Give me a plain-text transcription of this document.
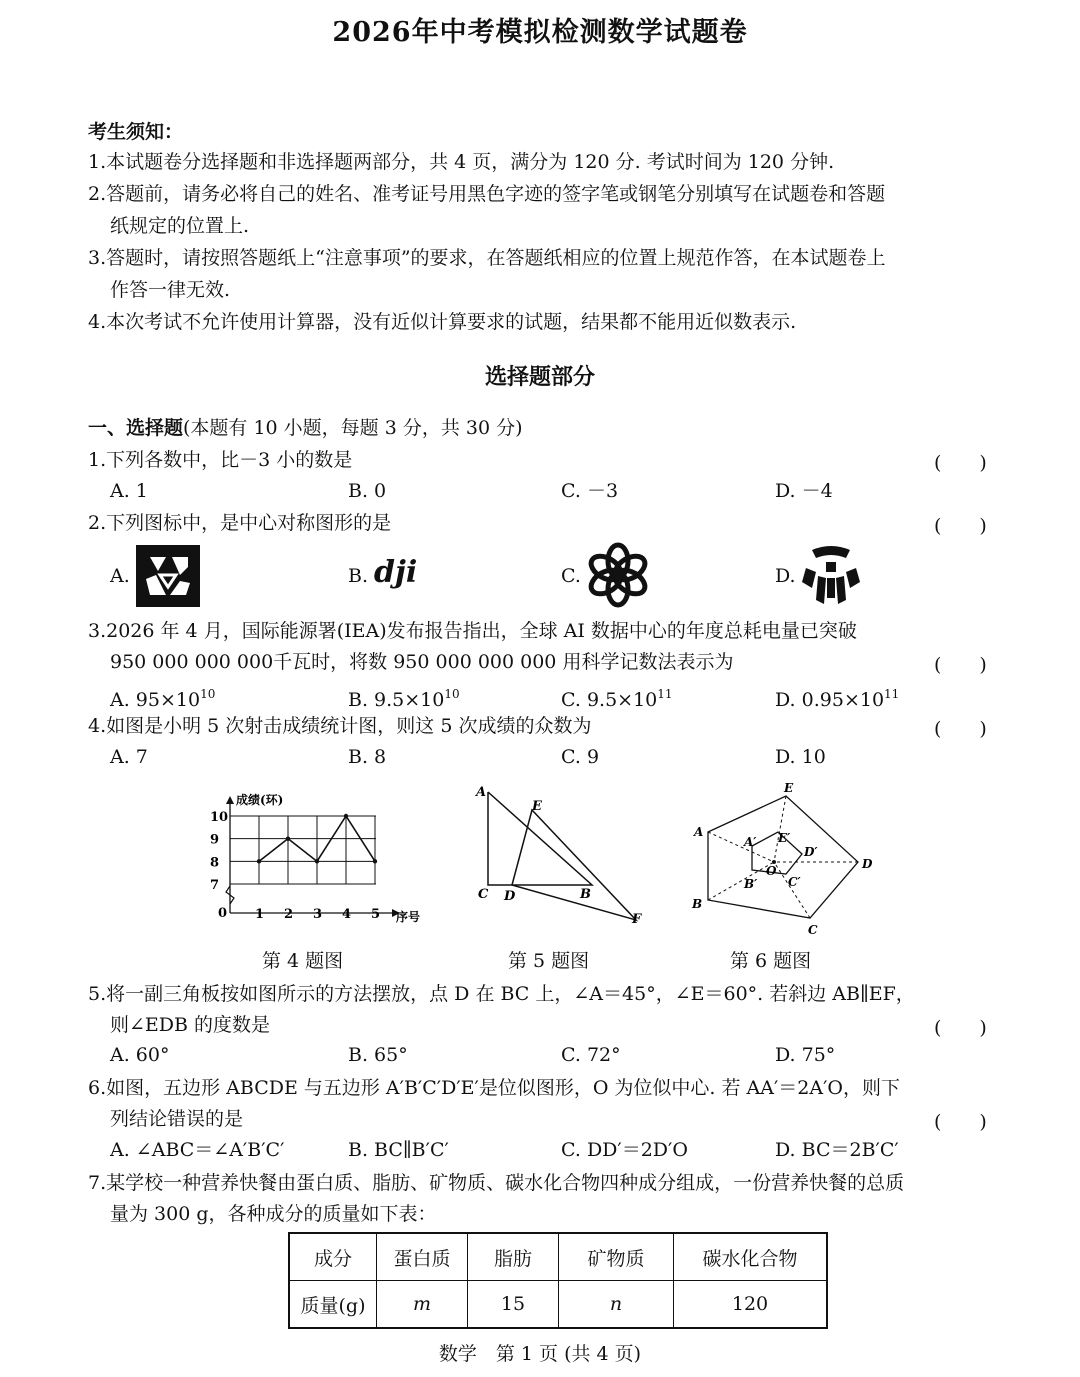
2026年中考模拟检测数学试题卷
考生须知：
1.本试题卷分选择题和非选择题两部分，共 4 页，满分为 120 分. 考试时间为 120 分钟.
2.答题前，请务必将自己的姓名、准考证号用黑色字迹的签字笔或钢笔分别填写在试题卷和答题
纸规定的位置上.
3.答题时，请按照答题纸上“注意事项”的要求，在答题纸相应的位置上规范作答，在本试题卷上
作答一律无效.
4.本次考试不允许使用计算器，没有近似计算要求的试题，结果都不能用近似数表示.
选择题部分
一、选择题(本题有 10 小题，每题 3 分，共 30 分)
1.下列各数中，比－3 小的数是	(　　)
A. 1	B. 0	C. －3	D. －4
2.下列图标中，是中心对称图形的是	(　　)
A.	B.	C.	D.
dji
3.2026 年 4 月，国际能源署(IEA)发布报告指出，全球 AI 数据中心的年度总耗电量已突破
950 000 000 000千瓦时，将数 950 000 000 000 用科学记数法表示为	(　　)
A. $95\times 10^{10}$	B. $9.5\times 10^{10}$	C. $9.5\times 10^{11}$	D. $0.95\times 10^{11}$
4.如图是小明 5 次射击成绩统计图，则这 5 次成绩的众数为	(　　)
A. 7	B. 8	C. 9	D. 10
10
9
8
7
1 2 3 4 5
成绩(环)
序号
0
第 4 题图
A
E
C D	B
F
第 5 题图
A
E
D
C
B
A′ E′
D′
C′
B′
O
第 6 题图
5.将一副三角板按如图所示的方法摆放，点 D 在 BC 上，∠A＝45°，∠E＝60°. 若斜边 AB∥EF，
则∠EDB 的度数是	(　　)
A. 60°	B. 65°	C. 72°	D. 75°
6.如图，五边形 ABCDE 与五边形 A′B′C′D′E′是位似图形，O 为位似中心. 若 AA′＝2A′O，则下
列结论错误的是	(　　)
A. ∠ABC＝∠A′B′C′	B. BC∥B′C′	C. DD′＝2D′O	D. BC＝2B′C′
7.某学校一种营养快餐由蛋白质、脂肪、矿物质、碳水化合物四种成分组成，一份营养快餐的总质
量为 300 g，各种成分的质量如下表：
成分	蛋白质	脂肪	矿物质	碳水化合物
质量(g)	m	15	n	120
数学　第 1 页 (共 4 页)
